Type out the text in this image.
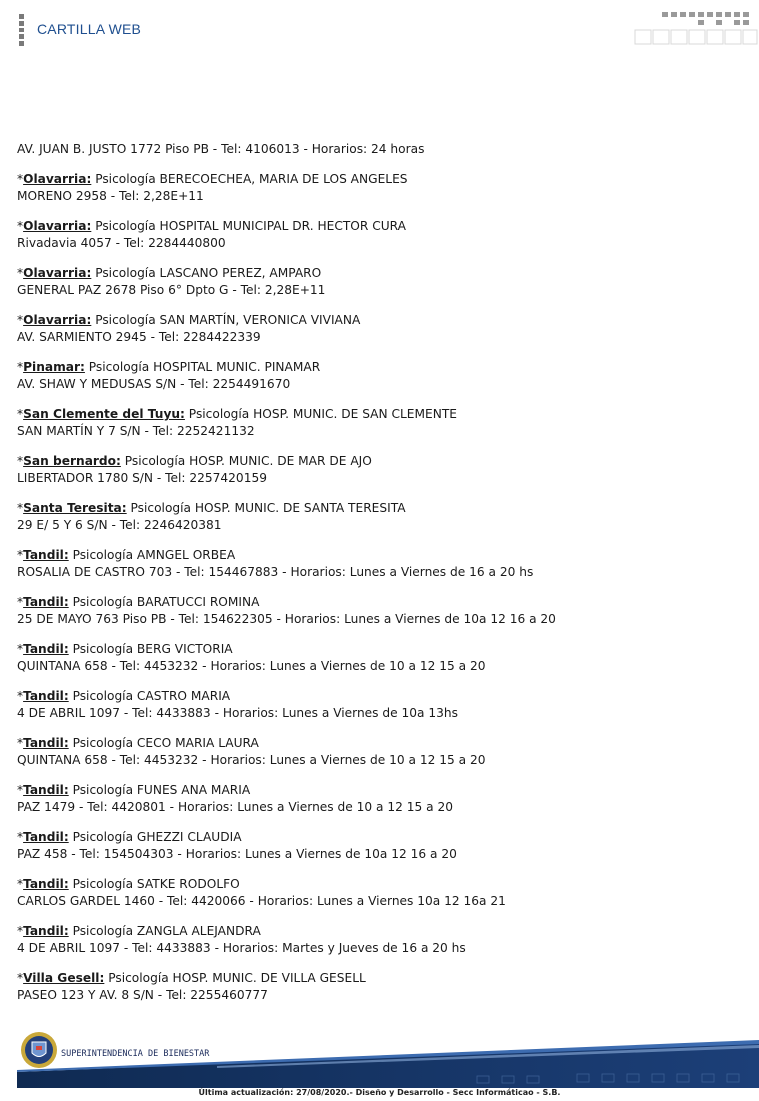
CARTILLA WEB
AV. JUAN B. JUSTO 1772 Piso PB - Tel: 4106013 - Horarios: 24 horas
*Olavarria: Psicología BERECOECHEA, MARIA DE LOS ANGELES
MORENO 2958 - Tel: 2,28E+11
*Olavarria: Psicología HOSPITAL MUNICIPAL DR. HECTOR CURA
Rivadavia 4057 - Tel: 2284440800
*Olavarria: Psicología LASCANO PEREZ, AMPARO
GENERAL PAZ 2678 Piso 6° Dpto G - Tel: 2,28E+11
*Olavarria: Psicología SAN MARTÍN, VERONICA VIVIANA
AV. SARMIENTO 2945 - Tel: 2284422339
*Pinamar: Psicología HOSPITAL MUNIC. PINAMAR
AV. SHAW Y MEDUSAS S/N - Tel: 2254491670
*San Clemente del Tuyu: Psicología HOSP. MUNIC. DE SAN CLEMENTE
SAN MARTÍN Y 7 S/N - Tel: 2252421132
*San bernardo: Psicología HOSP. MUNIC. DE MAR DE AJO
LIBERTADOR 1780 S/N - Tel: 2257420159
*Santa Teresita: Psicología HOSP. MUNIC. DE SANTA TERESITA
29 E/ 5 Y 6 S/N - Tel: 2246420381
*Tandil: Psicología AMNGEL ORBEA
ROSALIA DE CASTRO 703 - Tel: 154467883 - Horarios: Lunes a Viernes de 16 a 20 hs
*Tandil: Psicología BARATUCCI ROMINA
25 DE MAYO 763 Piso PB - Tel: 154622305 - Horarios: Lunes a Viernes de 10a 12 16 a 20
*Tandil: Psicología BERG VICTORIA
QUINTANA 658 - Tel: 4453232 - Horarios: Lunes a Viernes de 10 a 12 15 a 20
*Tandil: Psicología CASTRO MARIA
4 DE ABRIL 1097 - Tel: 4433883 - Horarios: Lunes a Viernes de 10a 13hs
*Tandil: Psicología CECO MARIA LAURA
QUINTANA 658 - Tel: 4453232 - Horarios: Lunes a Viernes de 10 a 12 15 a 20
*Tandil: Psicología FUNES ANA MARIA
PAZ 1479 - Tel: 4420801 - Horarios: Lunes a Viernes de 10 a 12 15 a 20
*Tandil: Psicología GHEZZI CLAUDIA
PAZ 458 - Tel: 154504303 - Horarios: Lunes a Viernes de 10a 12 16 a 20
*Tandil: Psicología SATKE RODOLFO
CARLOS GARDEL 1460 - Tel: 4420066 - Horarios: Lunes a Viernes 10a 12 16a 21
*Tandil: Psicología ZANGLA ALEJANDRA
4 DE ABRIL 1097 - Tel: 4433883 - Horarios: Martes y Jueves de 16 a 20 hs
*Villa Gesell: Psicología HOSP. MUNIC. DE VILLA GESELL
PASEO 123 Y AV. 8 S/N - Tel: 2255460777
SUPERINTENDENCIA DE BIENESTAR
Última actualización: 27/08/2020.- Diseño y Desarrollo - Secc Informáticao - S.B.
